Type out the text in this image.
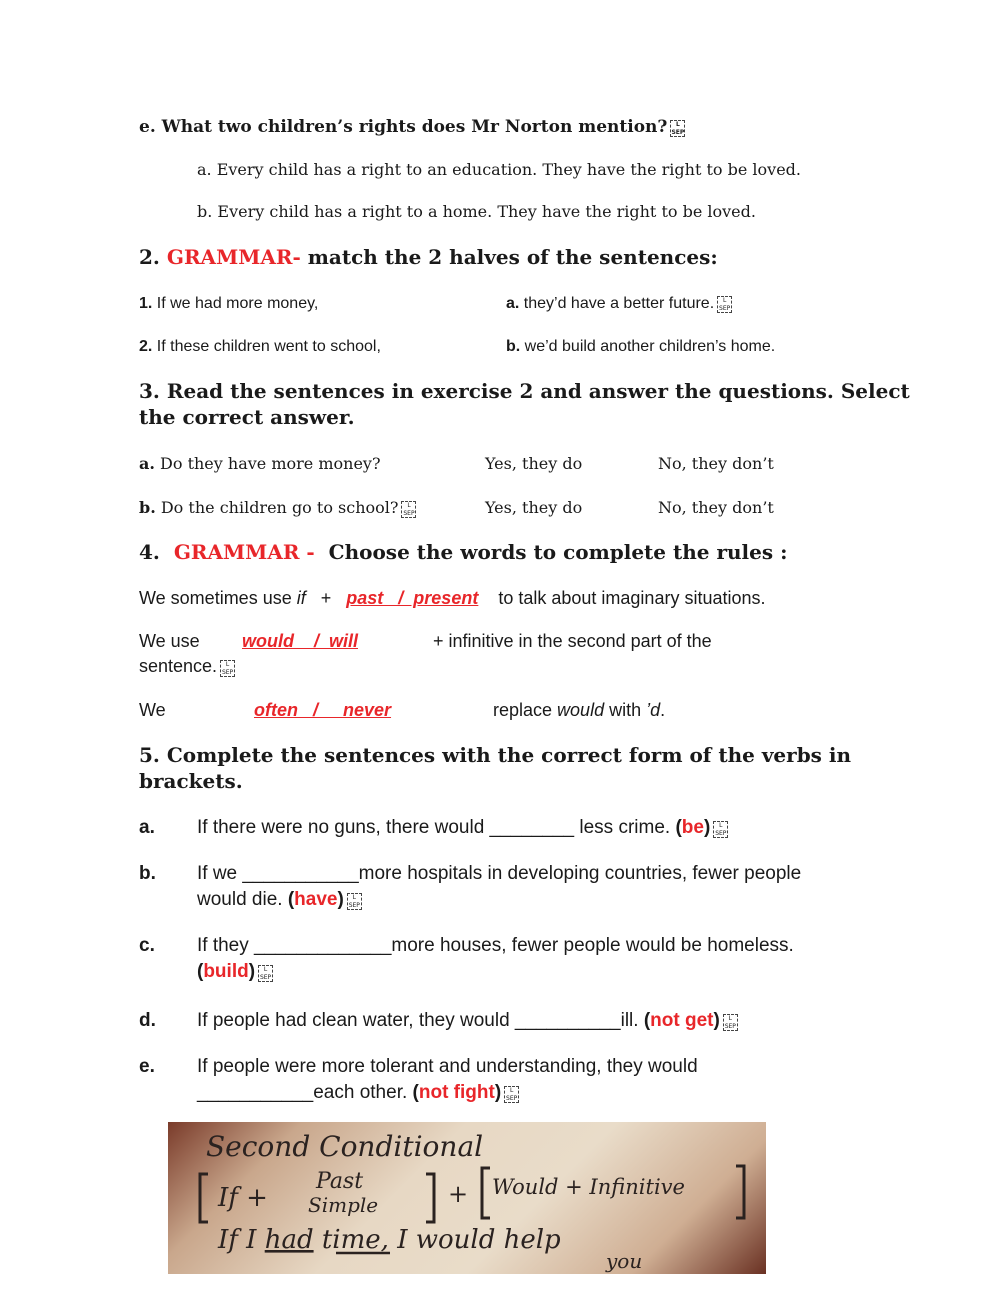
e. What two children’s rights does Mr Norton mention? L
SEP
a. Every child has a right to an education. They have the right to be loved.
b. Every child has a right to a home. They have the right to be loved.
2. GRAMMAR- match the 2 halves of the sentences:
1. If we had more money,	a. they’d have a better future. L
SEP
2. If these children went to school,	b. we’d build another children’s home.
3. Read the sentences in exercise 2 and answer the questions. Select
the correct answer.
a. Do they have more money?	Yes, they do	No, they don’t
b. Do the children go to school? L
SEP	Yes, they do	No, they don’t
4. GRAMMAR - Choose the words to complete the rules :
We sometimes use if + past   /  present to talk about imaginary situations.
We use would    /  will	+ infinitive in the second part of the
sentence. L
SEP
We	often   /     never	replace would with ’d.
5. Complete the sentences with the correct form of the verbs in
brackets.
a. If there were no guns, there would ________ less crime. (be) L
SEP
b. If we ___________more hospitals in developing countries, fewer people would die. (have) L
SEP
c. If they _____________more houses, fewer people would be homeless. (build) L
SEP
d. If people had clean water, they would __________ill. (not get) L
SEP
e. If people were more tolerant and understanding, they would ___________each other. (not fight) L
SEP
Second Conditional
If +
Past
Simple	+ Would + Infinitive
If I had time, I would help
you
